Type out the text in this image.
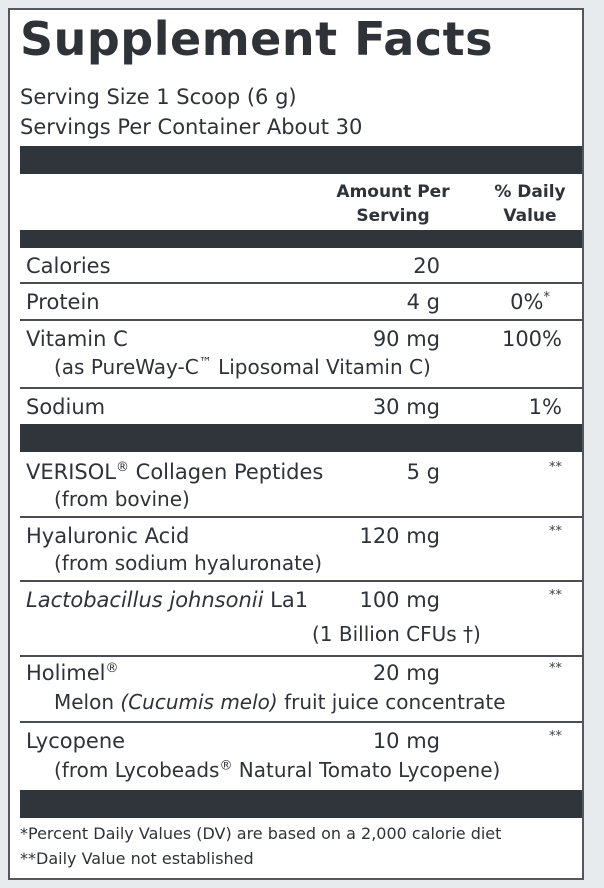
Supplement Facts
Serving Size 1 Scoop (6 g)
Servings Per Container About 30
Amount Per
Serving
% Daily
Value
Calories	20
Protein	4 g	0%*
Vitamin C	90 mg	100%
(as PureWay-C™ Liposomal Vitamin C)
Sodium	30 mg	1%
VERISOL® Collagen Peptides	5 g	**
(from bovine)
Hyaluronic Acid	120 mg	**
(from sodium hyaluronate)
Lactobacillus johnsonii La1	100 mg	**
(1 Billion CFUs †)
Holimel®	20 mg	**
Melon (Cucumis melo) fruit juice concentrate
Lycopene	10 mg	**
(from Lycobeads® Natural Tomato Lycopene)
*Percent Daily Values (DV) are based on a 2,000 calorie diet
**Daily Value not established
